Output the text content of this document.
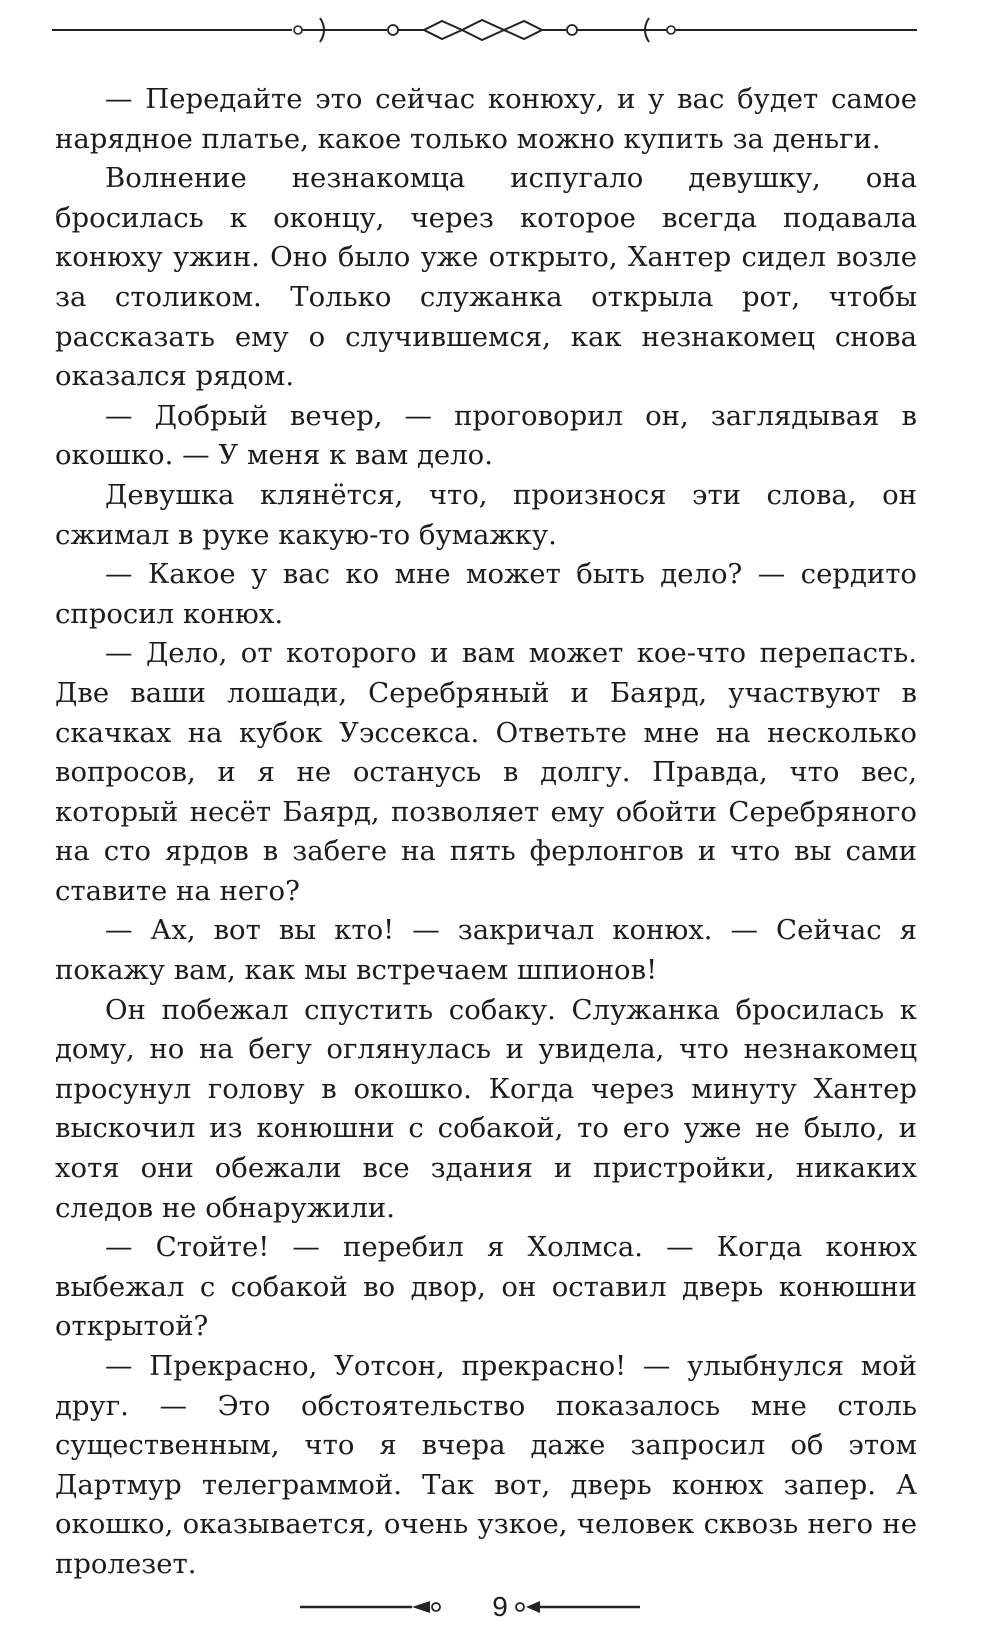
— Передайте это сейчас конюху, и у вас будет самое нарядное платье, какое только можно купить за деньги.

Волнение незнакомца испугало девушку, она бросилась к оконцу, через которое всегда подавала конюху ужин. Оно было уже открыто, Хантер сидел возле за столиком. Только служанка открыла рот, чтобы рассказать ему о случившемся, как незнакомец снова оказался рядом.

— Добрый вечер, — проговорил он, заглядывая в окошко. — У меня к вам дело.

Девушка клянётся, что, произнося эти слова, он сжимал в руке какую-то бумажку.

— Какое у вас ко мне может быть дело? — сердито спросил конюх.

— Дело, от которого и вам может кое-что перепасть. Две ваши лошади, Серебряный и Баярд, участвуют в скачках на кубок Уэссекса. Ответьте мне на несколько вопросов, и я не останусь в долгу. Правда, что вес, который несёт Баярд, позволяет ему обойти Серебряного на сто ярдов в забеге на пять ферлонгов и что вы сами ставите на него?

— Ах, вот вы кто! — закричал конюх. — Сейчас я покажу вам, как мы встречаем шпионов!

Он побежал спустить собаку. Служанка бросилась к дому, но на бегу оглянулась и увидела, что незнакомец просунул голову в окошко. Когда через минуту Хантер выскочил из конюшни с собакой, то его уже не было, и хотя они обежали все здания и пристройки, никаких следов не обнаружили.

— Стойте! — перебил я Холмса. — Когда конюх выбежал с собакой во двор, он оставил дверь конюшни открытой?

— Прекрасно, Уотсон, прекрасно! — улыбнулся мой друг. — Это обстоятельство показалось мне столь существенным, что я вчера даже запросил об этом Дартмур телеграммой. Так вот, дверь конюх запер. А окошко, оказывается, очень узкое, человек сквозь него не пролезет.

9
